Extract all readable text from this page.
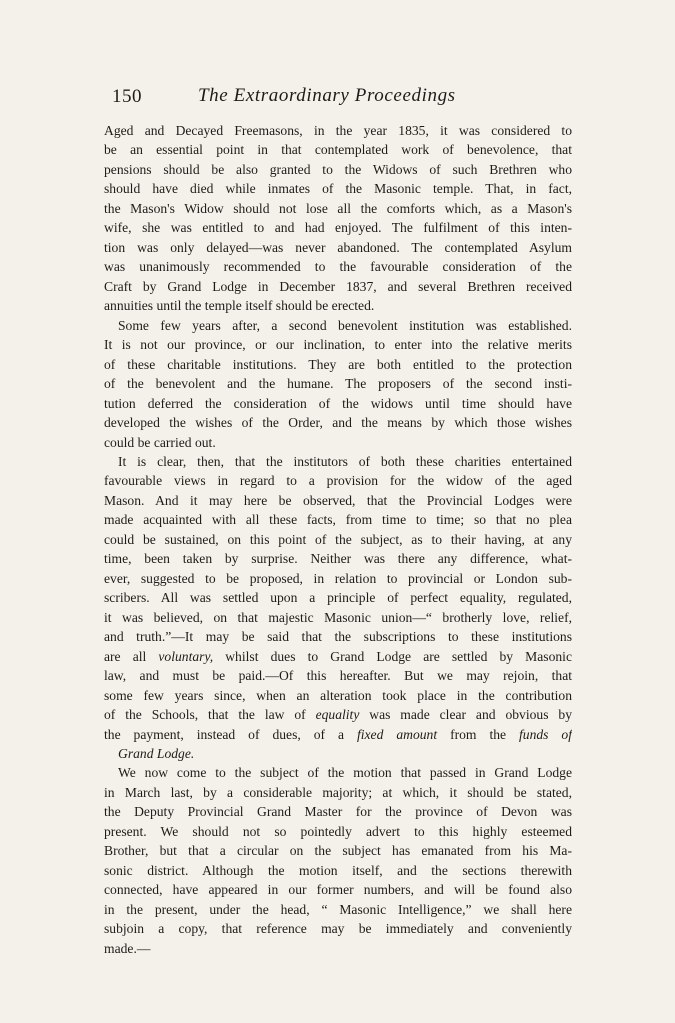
150	The Extraordinary Proceedings
Aged and Decayed Freemasons, in the year 1835, it was considered to
be an essential point in that contemplated work of benevolence, that
pensions should be also granted to the Widows of such Brethren who
should have died while inmates of the Masonic temple. That, in fact,
the Mason's Widow should not lose all the comforts which, as a Mason's
wife, she was entitled to and had enjoyed. The fulfilment of this inten-
tion was only delayed—was never abandoned. The contemplated Asylum
was unanimously recommended to the favourable consideration of the
Craft by Grand Lodge in December 1837, and several Brethren received
annuities until the temple itself should be erected.
Some few years after, a second benevolent institution was established.
It is not our province, or our inclination, to enter into the relative merits
of these charitable institutions. They are both entitled to the protection
of the benevolent and the humane. The proposers of the second insti-
tution deferred the consideration of the widows until time should have
developed the wishes of the Order, and the means by which those wishes
could be carried out.
It is clear, then, that the institutors of both these charities entertained
favourable views in regard to a provision for the widow of the aged
Mason. And it may here be observed, that the Provincial Lodges were
made acquainted with all these facts, from time to time; so that no plea
could be sustained, on this point of the subject, as to their having, at any
time, been taken by surprise. Neither was there any difference, what-
ever, suggested to be proposed, in relation to provincial or London sub-
scribers. All was settled upon a principle of perfect equality, regulated,
it was believed, on that majestic Masonic union—“ brotherly love, relief,
and truth.”—It may be said that the subscriptions to these institutions
are all voluntary, whilst dues to Grand Lodge are settled by Masonic
law, and must be paid.—Of this hereafter. But we may rejoin, that
some few years since, when an alteration took place in the contribution
of the Schools, that the law of equality was made clear and obvious by
the payment, instead of dues, of a fixed amount from the funds of
Grand Lodge.
We now come to the subject of the motion that passed in Grand Lodge
in March last, by a considerable majority; at which, it should be stated,
the Deputy Provincial Grand Master for the province of Devon was
present. We should not so pointedly advert to this highly esteemed
Brother, but that a circular on the subject has emanated from his Ma-
sonic district. Although the motion itself, and the sections therewith
connected, have appeared in our former numbers, and will be found also
in the present, under the head, “ Masonic Intelligence,” we shall here
subjoin a copy, that reference may be immediately and conveniently
made.—
